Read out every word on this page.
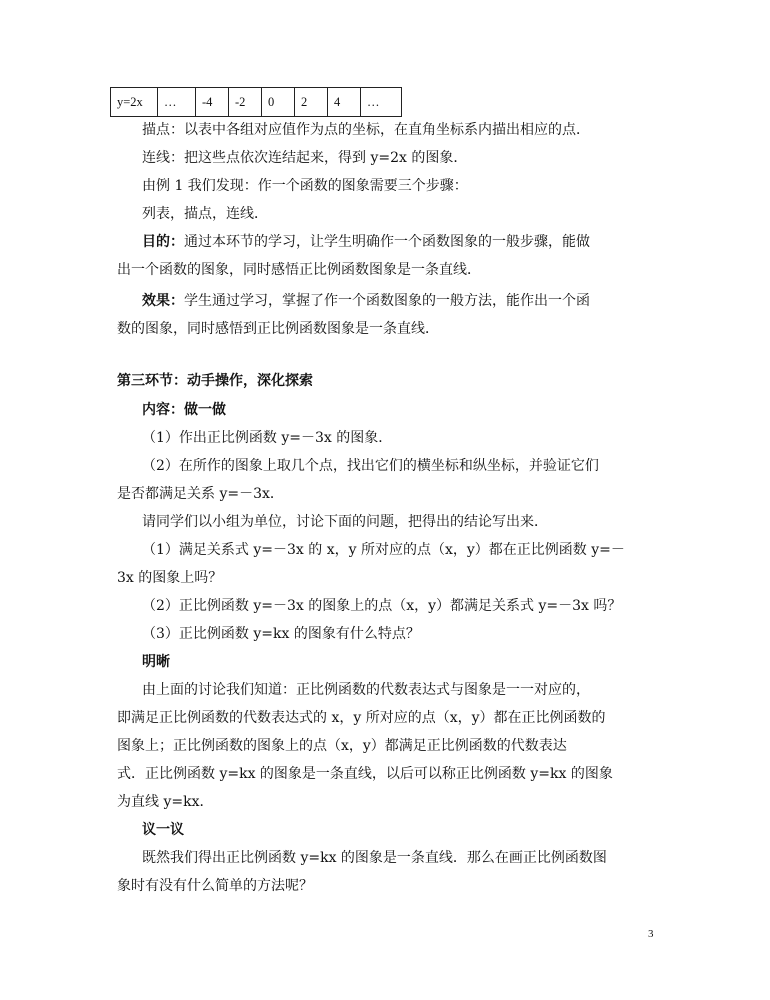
y=2x	…	-4	-2	0	2	4	…
描点：以表中各组对应值作为点的坐标，在直角坐标系内描出相应的点．
连线：把这些点依次连结起来，得到 y=2x 的图象．
由例 1 我们发现：作一个函数的图象需要三个步骤：
列表，描点，连线．
目的：通过本环节的学习，让学生明确作一个函数图象的一般步骤，能做
出一个函数的图象，同时感悟正比例函数图象是一条直线．
效果：学生通过学习，掌握了作一个函数图象的一般方法，能作出一个函
数的图象，同时感悟到正比例函数图象是一条直线．
第三环节：动手操作，深化探索
内容：做一做
（1）作出正比例函数 y=－3x 的图象．
（2）在所作的图象上取几个点，找出它们的横坐标和纵坐标，并验证它们
是否都满足关系 y=－3x．
请同学们以小组为单位，讨论下面的问题，把得出的结论写出来．
（1）满足关系式 y=－3x 的 x，y 所对应的点（x，y）都在正比例函数 y=－
3x 的图象上吗？
（2）正比例函数 y=－3x 的图象上的点（x，y）都满足关系式 y=－3x 吗？
（3）正比例函数 y=kx 的图象有什么特点？
明晰
由上面的讨论我们知道：正比例函数的代数表达式与图象是一一对应的，
即满足正比例函数的代数表达式的 x，y 所对应的点（x，y）都在正比例函数的
图象上；正比例函数的图象上的点（x，y）都满足正比例函数的代数表达
式．正比例函数 y=kx 的图象是一条直线，以后可以称正比例函数 y=kx 的图象
为直线 y=kx．
议一议
既然我们得出正比例函数 y=kx 的图象是一条直线．那么在画正比例函数图
象时有没有什么简单的方法呢？
3
